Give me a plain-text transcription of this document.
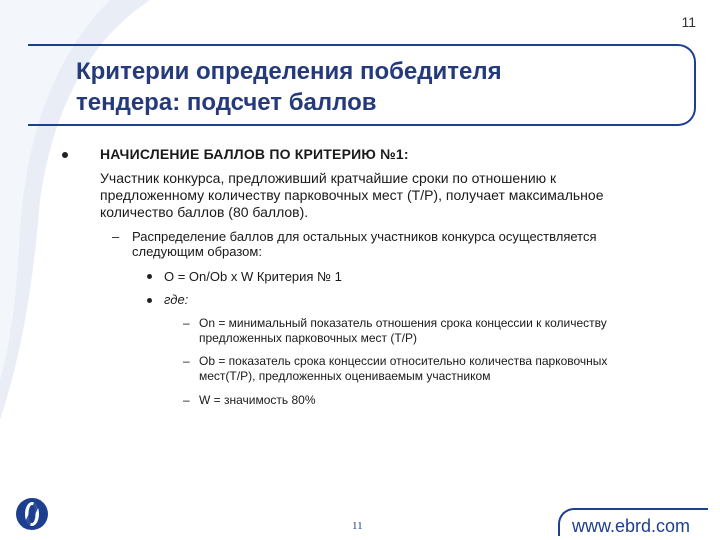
11
Критерии определения победителя
тендера: подсчет баллов
НАЧИСЛЕНИЕ БАЛЛОВ ПО КРИТЕРИЮ №1:
Участник конкурса, предложивший кратчайшие сроки по отношению к
предложенному количеству парковочных мест (T/P), получает максимальное
количество баллов (80 баллов).
– Распределение баллов для остальных участников конкурса осуществляется
следующим образом:
O = On/Ob x W Критерия № 1
где:
– On = минимальный показатель отношения срока концессии к количеству
предложенных парковочных мест (T/P)
– Ob = показатель срока концессии относительно количества парковочных
мест(T/P), предложенных оцениваемым участником
– W = значимость 80%
11	www.ebrd.com
